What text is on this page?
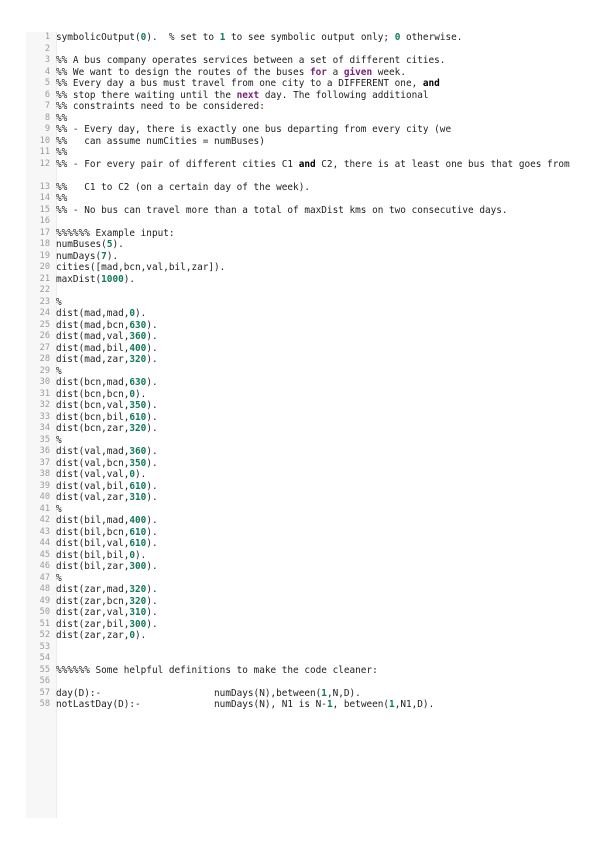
1 symbolicOutput(0).  % set to 1 to see symbolic output only; 0 otherwise.
2
3 %% A bus company operates services between a set of different cities.
4 %% We want to design the routes of the buses for a given week.
5 %% Every day a bus must travel from one city to a DIFFERENT one, and
6 %% stop there waiting until the next day. The following additional
7 %% constraints need to be considered:
8 %%
9 %% - Every day, there is exactly one bus departing from every city (we
10 %%   can assume numCities = numBuses)
11 %%
12 %% - For every pair of different cities C1 and C2, there is at least one bus that goes from
13 %%   C1 to C2 (on a certain day of the week).
14 %%
15 %% - No bus can travel more than a total of maxDist kms on two consecutive days.
16
17 %%%%%% Example input:
18 numBuses(5).
19 numDays(7).
20 cities([mad,bcn,val,bil,zar]).
21 maxDist(1000).
22
23 %
24 dist(mad,mad,0).
25 dist(mad,bcn,630).
26 dist(mad,val,360).
27 dist(mad,bil,400).
28 dist(mad,zar,320).
29 %
30 dist(bcn,mad,630).
31 dist(bcn,bcn,0).
32 dist(bcn,val,350).
33 dist(bcn,bil,610).
34 dist(bcn,zar,320).
35 %
36 dist(val,mad,360).
37 dist(val,bcn,350).
38 dist(val,val,0).
39 dist(val,bil,610).
40 dist(val,zar,310).
41 %
42 dist(bil,mad,400).
43 dist(bil,bcn,610).
44 dist(bil,val,610).
45 dist(bil,bil,0).
46 dist(bil,zar,300).
47 %
48 dist(zar,mad,320).
49 dist(zar,bcn,320).
50 dist(zar,val,310).
51 dist(zar,bil,300).
52 dist(zar,zar,0).
53
54
55 %%%%%% Some helpful definitions to make the code cleaner:
56
57 day(D):-                    numDays(N),between(1,N,D).
58 notLastDay(D):-             numDays(N), N1 is N-1, between(1,N1,D).
